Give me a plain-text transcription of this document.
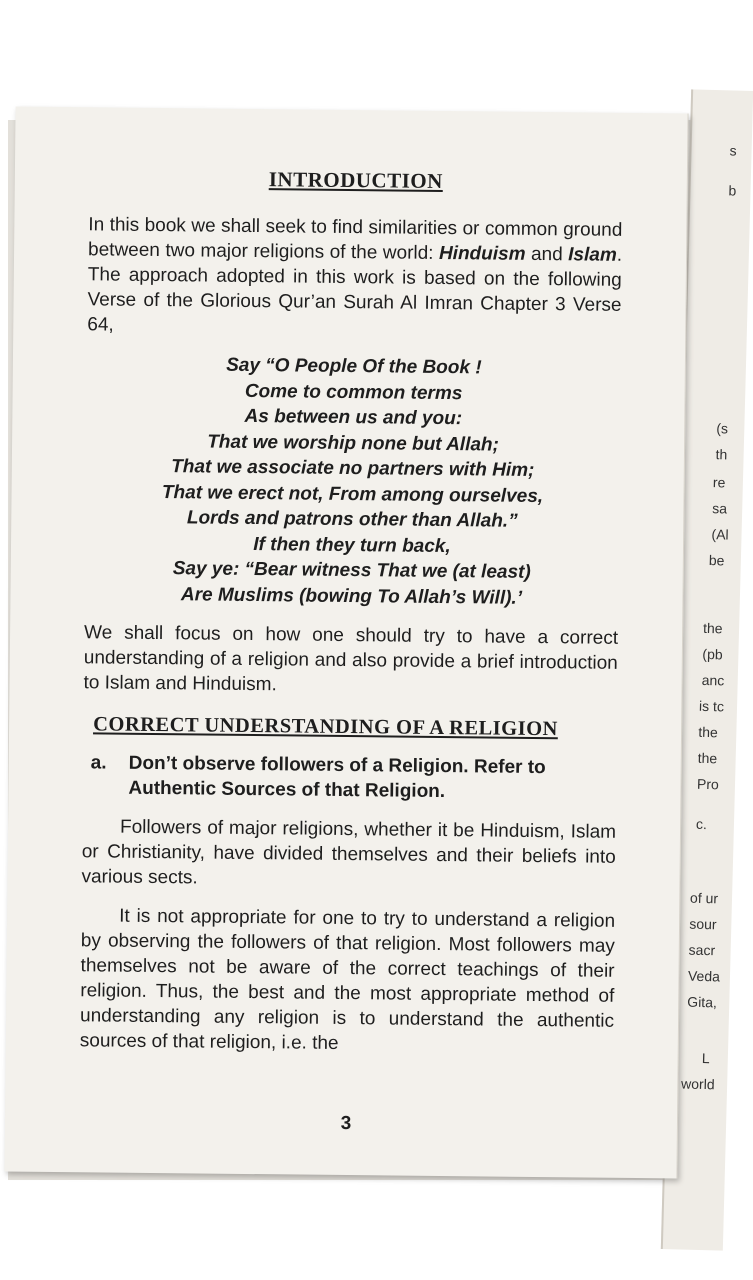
s
b
(s
th
re
sa
(Al
be
the
(pb
anc
is tc
the
the
Pro
c.
of ur
sour
sacr
Veda
Gita,
L
world
INTRODUCTION

In this book we shall seek to find similarities or common ground between two major religions of the world: Hinduism and Islam. The approach adopted in this work is based on the following Verse of the Glorious Qur’an Surah Al Imran Chapter 3 Verse 64,

Say “O People Of the Book !
Come to common terms
As between us and you:
That we worship none but Allah;
That we associate no partners with Him;
That we erect not, From among ourselves,
Lords and patrons other than Allah.”
If then they turn back,
Say ye: “Bear witness That we (at least)
Are Muslims (bowing To Allah’s Will).’

We shall focus on how one should try to have a correct understanding of a religion and also provide a brief introduction to Islam and Hinduism.

CORRECT UNDERSTANDING OF A RELIGION
a.	Don’t observe followers of a Religion. Refer to Authentic Sources of that Religion.

Followers of major religions, whether it be Hinduism, Islam or Christianity, have divided themselves and their beliefs into various sects.

It is not appropriate for one to try to understand a religion by observing the followers of that religion. Most followers may themselves not be aware of the correct teachings of their religion. Thus, the best and the most appropriate method of understanding any religion is to understand the authentic sources of that religion, i.e. the

3
